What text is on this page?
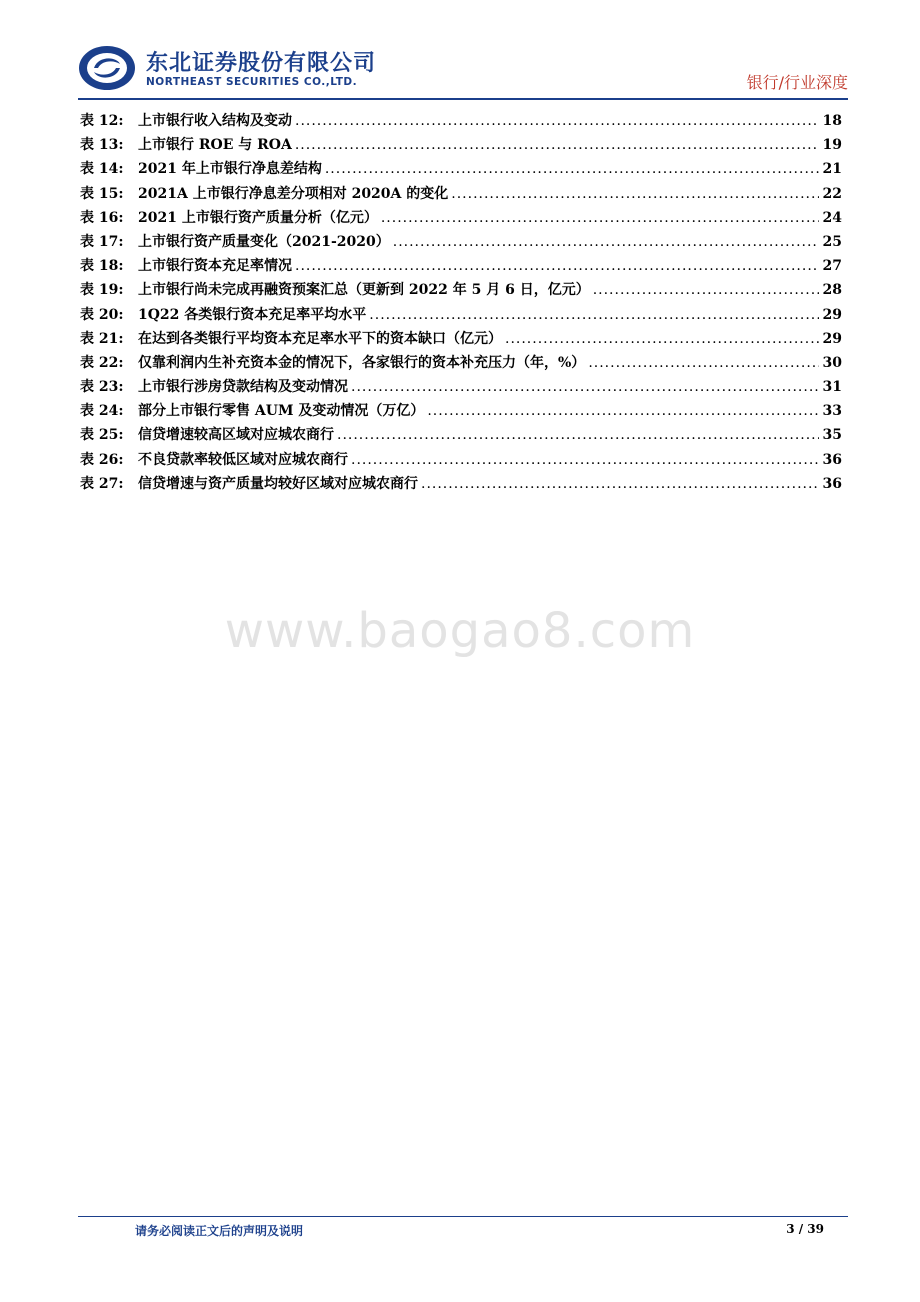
东北证券股份有限公司
NORTHEAST SECURITIES CO.,LTD.	银行/行业深度
表 12:	上市银行收入结构及变动 .....	18
表 13:	上市银行 ROE 与 ROA .....	19
表 14:	2021 年上市银行净息差结构 .....	21
表 15:	2021A 上市银行净息差分项相对 2020A 的变化 .....	22
表 16:	2021 上市银行资产质量分析（亿元） .....	24
表 17:	上市银行资产质量变化（2021-2020） .....	25
表 18:	上市银行资本充足率情况 .....	27
表 19:	上市银行尚未完成再融资预案汇总（更新到 2022 年 5 月 6 日，亿元） .....	28
表 20:	1Q22 各类银行资本充足率平均水平 .....	29
表 21:	在达到各类银行平均资本充足率水平下的资本缺口（亿元） .....	29
表 22:	仅靠利润内生补充资本金的情况下，各家银行的资本补充压力（年，%） .....	30
表 23:	上市银行涉房贷款结构及变动情况 .....	31
表 24:	部分上市银行零售 AUM 及变动情况（万亿） .....	33
表 25:	信贷增速较高区域对应城农商行 .....	35
表 26:	不良贷款率较低区域对应城农商行 .....	36
表 27:	信贷增速与资产质量均较好区域对应城农商行 .....	36
www.baogao8.com
请务必阅读正文后的声明及说明	3 / 39
